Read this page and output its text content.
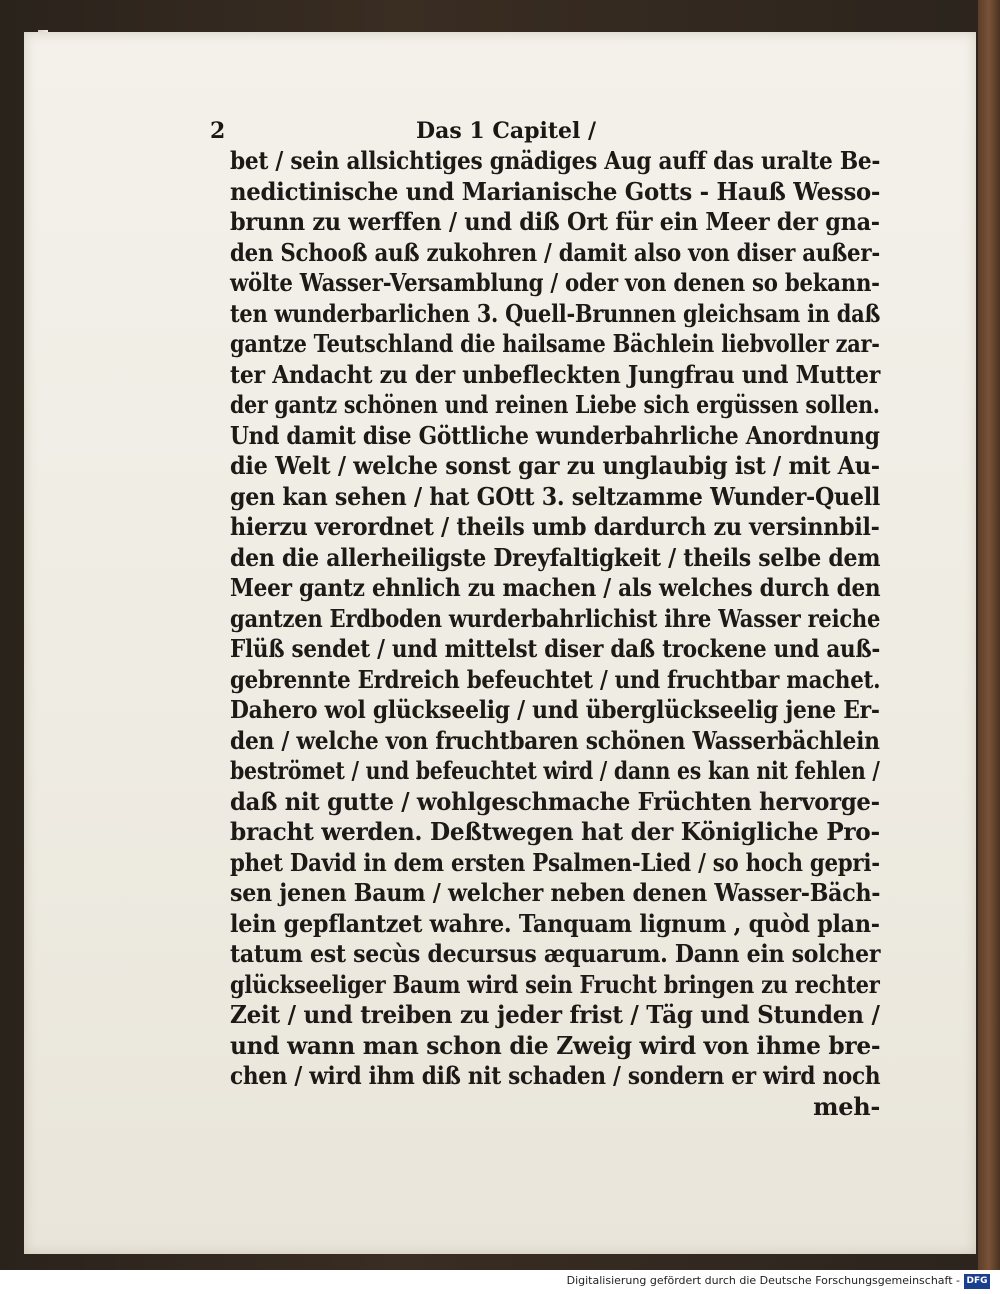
2	Das 1 Capitel /
bet / sein allsichtiges gnädiges Aug auff das uralte Be-
nedictinische und Marianische Gotts - Hauß Wesso-
brunn zu werffen / und diß Ort für ein Meer der gna-
den Schooß auß zukohren / damit also von diser außer-
wölte Wasser-Versamblung / oder von denen so bekann-
ten wunderbarlichen 3. Quell-Brunnen gleichsam in daß
gantze Teutschland die hailsame Bächlein liebvoller zar-
ter Andacht zu der unbefleckten Jungfrau und Mutter
der gantz schönen und reinen Liebe sich ergüssen sollen.
Und damit dise Göttliche wunderbahrliche Anordnung
die Welt / welche sonst gar zu unglaubig ist / mit Au-
gen kan sehen / hat GOtt 3. seltzamme Wunder-Quell
hierzu verordnet / theils umb dardurch zu versinnbil-
den die allerheiligste Dreyfaltigkeit / theils selbe dem
Meer gantz ehnlich zu machen / als welches durch den
gantzen Erdboden wurderbahrlichist ihre Wasser reiche
Flüß sendet / und mittelst diser daß trockene und auß-
gebrennte Erdreich befeuchtet / und fruchtbar machet.
Dahero wol glückseelig / und überglückseelig jene Er-
den / welche von fruchtbaren schönen Wasserbächlein
beströmet / und befeuchtet wird / dann es kan nit fehlen /
daß nit gutte / wohlgeschmache Früchten hervorge-
bracht werden. Deßtwegen hat der Königliche Pro-
phet David in dem ersten Psalmen-Lied / so hoch gepri-
sen jenen Baum / welcher neben denen Wasser-Bäch-
lein gepflantzet wahre. Tanquam lignum , quòd plan-
tatum est secùs decursus æquarum. Dann ein solcher
glückseeliger Baum wird sein Frucht bringen zu rechter
Zeit / und treiben zu jeder frist / Täg und Stunden /
und wann man schon die Zweig wird von ihme bre-
chen / wird ihm diß nit schaden / sondern er wird noch
meh-
Digitalisierung gefördert durch die Deutsche Forschungsgemeinschaft - DFG
